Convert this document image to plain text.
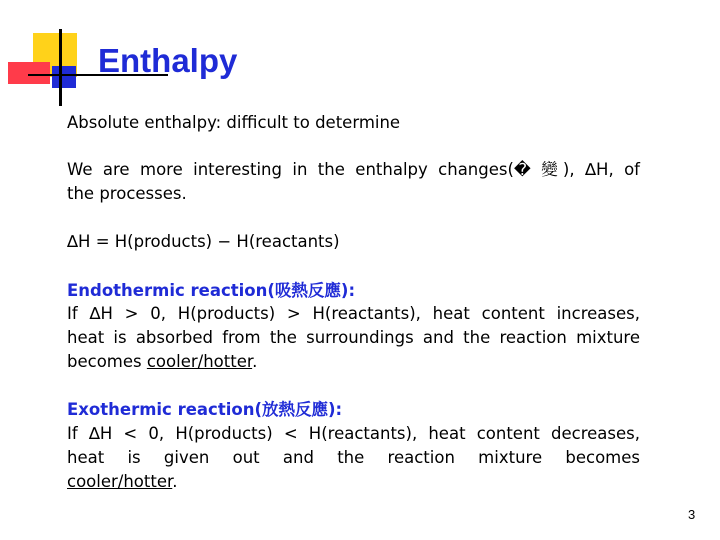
Enthalpy
Absolute enthalpy: difficult to determine
We are more interesting in the enthalpy changes(� 變), ∆H, of
the processes.
∆H = H(products) − H(reactants)
Endothermic reaction(吸熱反應):
If ∆H > 0, H(products) > H(reactants), heat content increases,
heat is absorbed from the surroundings and the reaction mixture
becomes cooler/hotter.
Exothermic reaction(放熱反應):
If ∆H < 0, H(products) < H(reactants), heat content decreases,
heat is given out and the reaction mixture becomes
cooler/hotter.
3
